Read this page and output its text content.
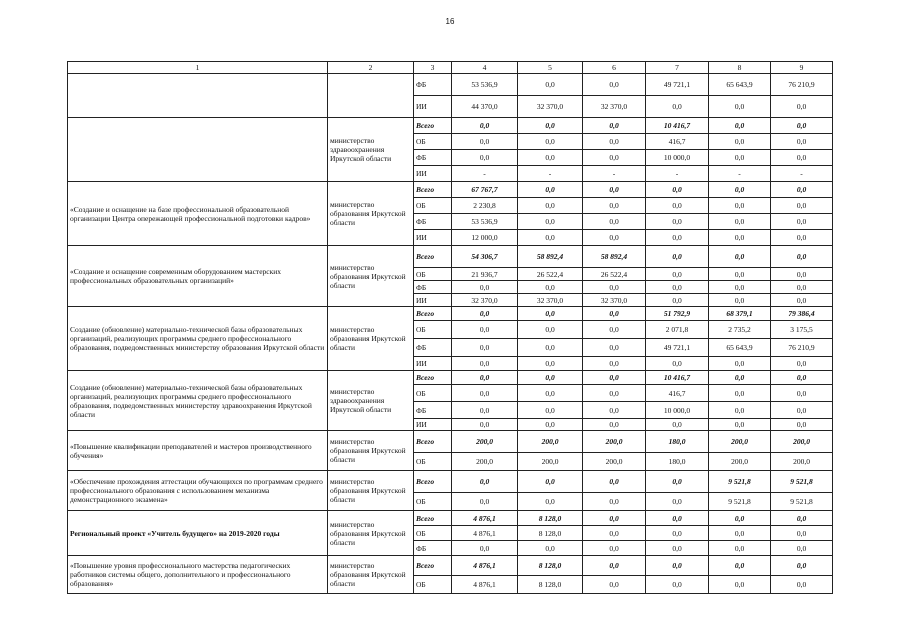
16
1	2	3	4	5	6	7	8	9
		ФБ	53 536,9	0,0	0,0	49 721,1	65 643,9	76 210,9
		ИИ	44 370,0	32 370,0	32 370,0	0,0	0,0	0,0
	министерство здравоохранения Иркутской области	Всего	0,0	0,0	0,0	10 416,7	0,0	0,0
		ОБ	0,0	0,0	0,0	416,7	0,0	0,0
		ФБ	0,0	0,0	0,0	10 000,0	0,0	0,0
		ИИ	-	-	-	-	-	-
«Создание и оснащение на базе профессиональной образовательной организации Центра опережающей профессиональной подготовки кадров»	министерство образования Иркутской области	Всего	67 767,7	0,0	0,0	0,0	0,0	0,0
		ОБ	2 230,8	0,0	0,0	0,0	0,0	0,0
		ФБ	53 536,9	0,0	0,0	0,0	0,0	0,0
		ИИ	12 000,0	0,0	0,0	0,0	0,0	0,0
«Создание и оснащение современным оборудованием мастерских профессиональных образовательных организаций»	министерство образования Иркутской области	Всего	54 306,7	58 892,4	58 892,4	0,0	0,0	0,0
		ОБ	21 936,7	26 522,4	26 522,4	0,0	0,0	0,0
		ФБ	0,0	0,0	0,0	0,0	0,0	0,0
		ИИ	32 370,0	32 370,0	32 370,0	0,0	0,0	0,0
Создание (обновление) материально-технической базы образовательных организаций, реализующих программы среднего профессионального образования, подведомственных министерству образования Иркутской области	министерство образования Иркутской области	Всего	0,0	0,0	0,0	51 792,9	68 379,1	79 386,4
		ОБ	0,0	0,0	0,0	2 071,8	2 735,2	3 175,5
		ФБ	0,0	0,0	0,0	49 721,1	65 643,9	76 210,9
		ИИ	0,0	0,0	0,0	0,0	0,0	0,0
Создание (обновление) материально-технической базы образовательных организаций, реализующих программы среднего профессионального образования, подведомственных министерству здравоохранения Иркутской области	министерство здравоохранения Иркутской области	Всего	0,0	0,0	0,0	10 416,7	0,0	0,0
		ОБ	0,0	0,0	0,0	416,7	0,0	0,0
		ФБ	0,0	0,0	0,0	10 000,0	0,0	0,0
		ИИ	0,0	0,0	0,0	0,0	0,0	0,0
«Повышение квалификации преподавателей и мастеров производственного обучения»	министерство образования Иркутской области	Всего	200,0	200,0	200,0	180,0	200,0	200,0
		ОБ	200,0	200,0	200,0	180,0	200,0	200,0
«Обеспечение прохождения аттестации обучающихся по программам среднего профессионального образования с использованием механизма демонстрационного экзамена»	министерство образования Иркутской области	Всего	0,0	0,0	0,0	0,0	9 521,8	9 521,8
		ОБ	0,0	0,0	0,0	0,0	9 521,8	9 521,8
Региональный проект «Учитель будущего» на 2019-2020 годы	министерство образования Иркутской области	Всего	4 876,1	8 128,0	0,0	0,0	0,0	0,0
		ОБ	4 876,1	8 128,0	0,0	0,0	0,0	0,0
		ФБ	0,0	0,0	0,0	0,0	0,0	0,0
«Повышение уровня профессионального мастерства педагогических работников системы общего, дополнительного и профессионального образования»	министерство образования Иркутской области	Всего	4 876,1	8 128,0	0,0	0,0	0,0	0,0
		ОБ	4 876,1	8 128,0	0,0	0,0	0,0	0,0
